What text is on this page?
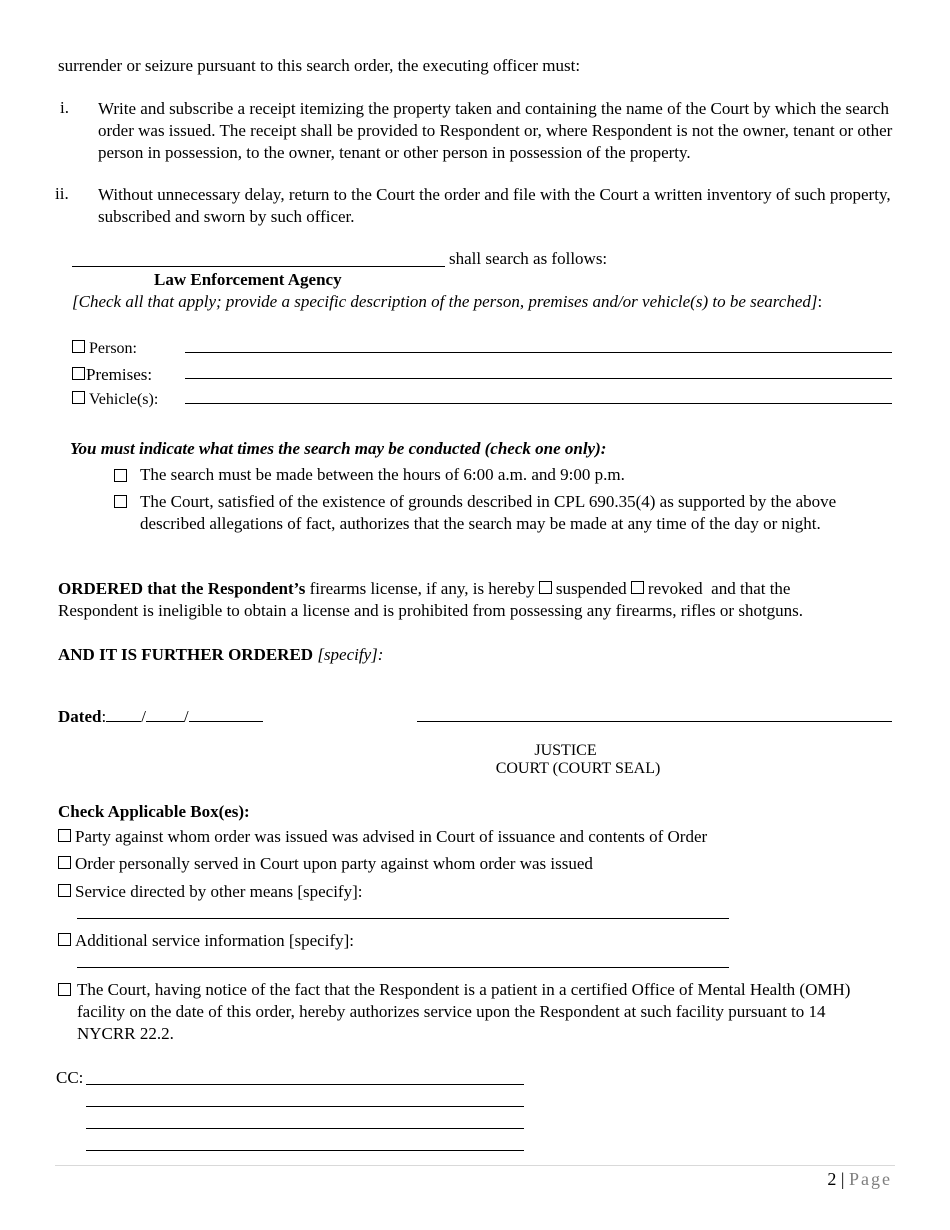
surrender or seizure pursuant to this search order, the executing officer must:
i. Write and subscribe a receipt itemizing the property taken and containing the name of the Court by which the search order was issued. The receipt shall be provided to Respondent or, where Respondent is not the owner, tenant or other person in possession, to the owner, tenant or other person in possession of the property.
ii. Without unnecessary delay, return to the Court the order and file with the Court a written inventory of such property, subscribed and sworn by such officer.
shall search as follows:
Law Enforcement Agency
[Check all that apply; provide a specific description of the person, premises and/or vehicle(s) to be searched]:
Person:
Premises:
Vehicle(s):
You must indicate what times the search may be conducted (check one only):
The search must be made between the hours of 6:00 a.m. and 9:00 p.m.
The Court, satisfied of the existence of grounds described in CPL 690.35(4) as supported by the above described allegations of fact, authorizes that the search may be made at any time of the day or night.
ORDERED that the Respondent’s firearms license, if any, is hereby suspended revoked and that the
Respondent is ineligible to obtain a license and is prohibited from possessing any firearms, rifles or shotguns.
AND IT IS FURTHER ORDERED [specify]:
Dated: / /
JUSTICE
COURT (COURT SEAL)
Check Applicable Box(es):
Party against whom order was issued was advised in Court of issuance and contents of Order
Order personally served in Court upon party against whom order was issued
Service directed by other means [specify]:
Additional service information [specify]:
The Court, having notice of the fact that the Respondent is a patient in a certified Office of Mental Health (OMH) facility on the date of this order, hereby authorizes service upon the Respondent at such facility pursuant to 14 NYCRR 22.2.
CC:
2 | Page
